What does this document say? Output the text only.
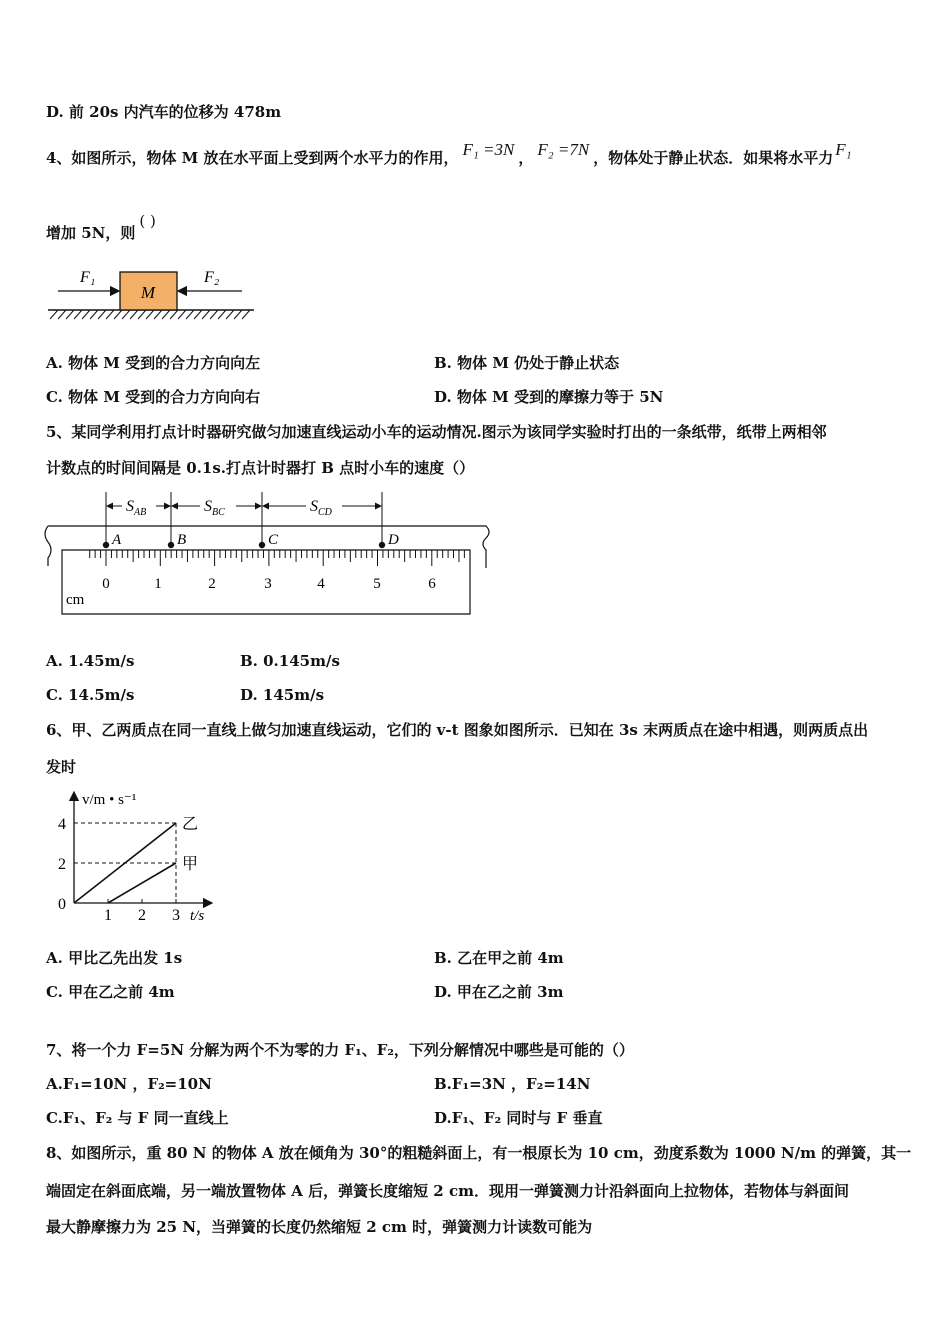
D. 前 20s 内汽车的位移为 478m
4、如图所示，物体 M 放在水平面上受到两个水平力的作用， F₁ =3N ， F₂ =7N ，物体处于静止状态．如果将水平力 F₁
增加 5N，则( )
M
F₁	F₂
A. 物体 M 受到的合力方向向左	B. 物体 M 仍处于静止状态
C. 物体 M 受到的合力方向向右	D. 物体 M 受到的摩擦力等于 5N
5、某同学利用打点计时器研究做匀加速直线运动小车的运动情况.图示为该同学实验时打出的一条纸带，纸带上两相邻
计数点的时间间隔是 0.1s.打点计时器打 B 点时小车的速度（）
0	1	2	3	4	5	6
cm
A	B	C	D
$S_{AB}$	$S_{BC}$	$S_{CD}$
A. 1.45m/s	B. 0.145m/s
C. 14.5m/s	D. 145m/s
6、甲、乙两质点在同一直线上做匀加速直线运动，它们的 v-t 图象如图所示．已知在 3s 末两质点在途中相遇，则两质点出
发时
v/m • s⁻¹
t/s
1 2 3
0
2
4	乙
甲
A. 甲比乙先出发 1s	B. 乙在甲之前 4m
C. 甲在乙之前 4m	D. 甲在乙之前 3m
7、将一个力 F=5N 分解为两个不为零的力 F₁、F₂，下列分解情况中哪些是可能的（）
A.F₁=10N ，F₂=10N	B.F₁=3N ，F₂=14N
C.F₁、F₂ 与 F 同一直线上	D.F₁、F₂ 同时与 F 垂直
8、如图所示，重 80 N 的物体 A 放在倾角为 30°的粗糙斜面上，有一根原长为 10 cm，劲度系数为 1000 N/m 的弹簧，其一
端固定在斜面底端，另一端放置物体 A 后，弹簧长度缩短 2 cm．现用一弹簧测力计沿斜面向上拉物体，若物体与斜面间
最大静摩擦力为 25 N，当弹簧的长度仍然缩短 2 cm 时，弹簧测力计读数可能为
